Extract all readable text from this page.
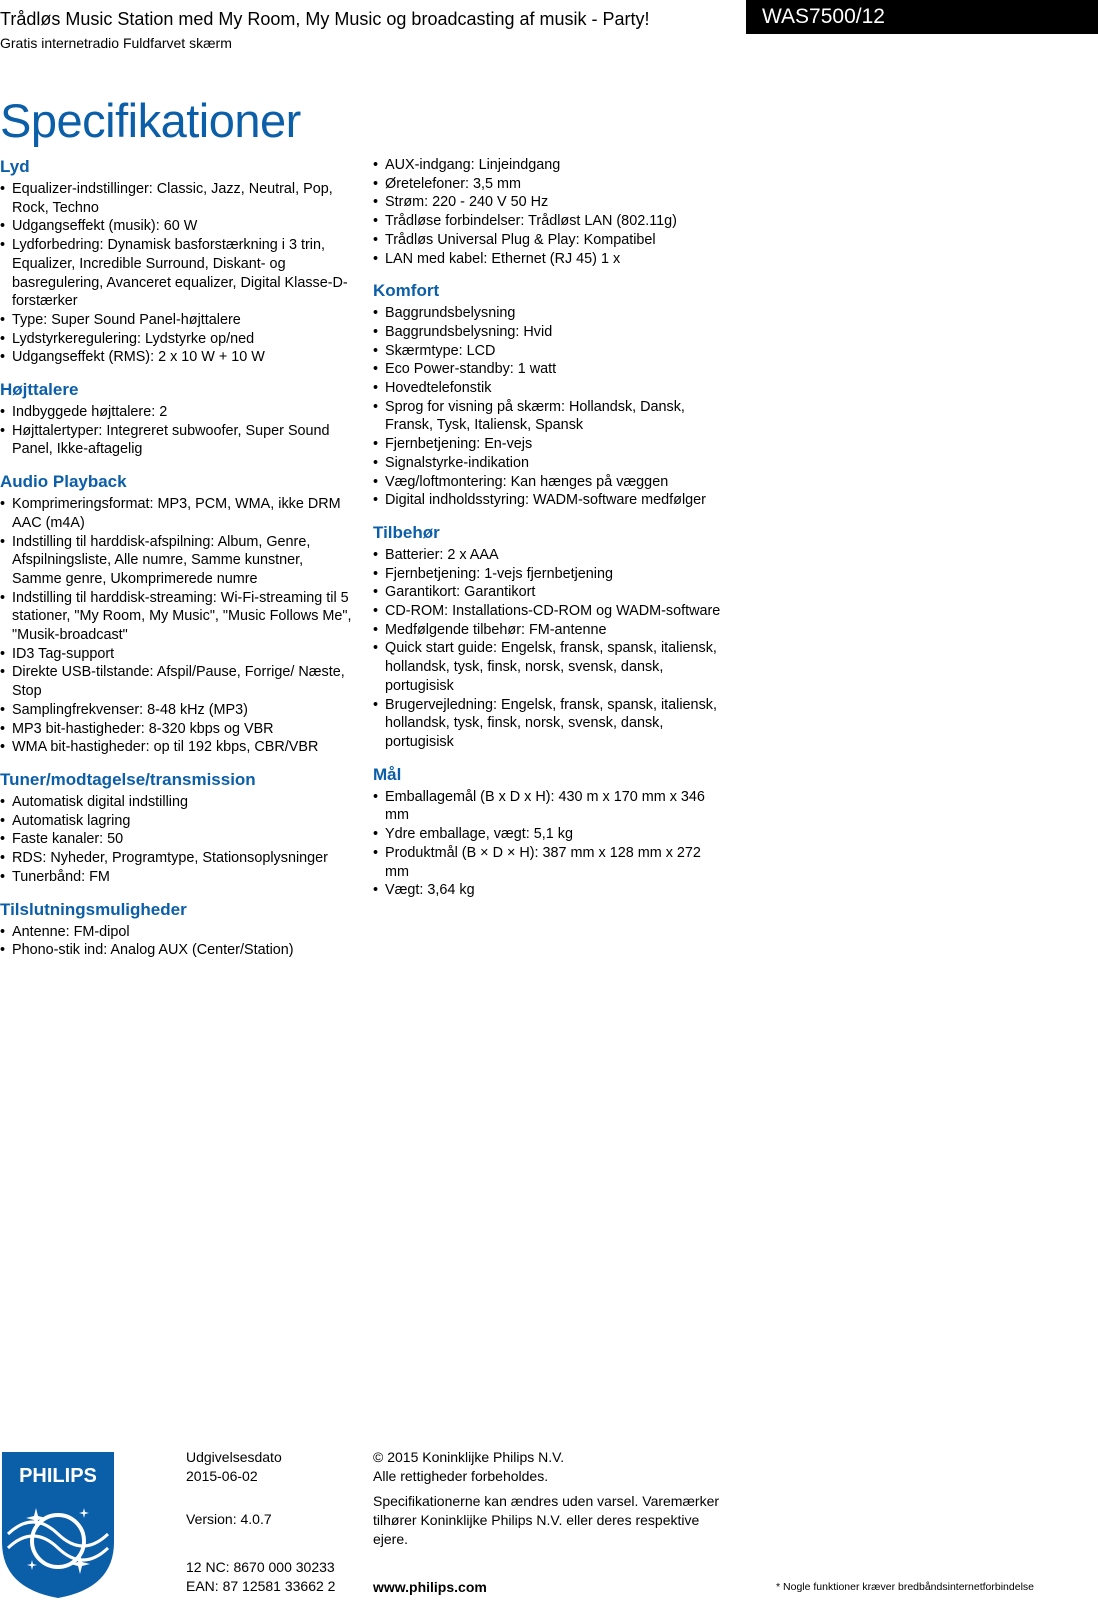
Trådløs Music Station med My Room, My Music og broadcasting af musik - Party!
Gratis internetradio Fuldfarvet skærm
WAS7500/12
Specifikationer
Lyd
• Equalizer-indstillinger: Classic, Jazz, Neutral, Pop, Rock, Techno
• Udgangseffekt (musik): 60 W
• Lydforbedring: Dynamisk basforstærkning i 3 trin, Equalizer, Incredible Surround, Diskant- og basregulering, Avanceret equalizer, Digital Klasse-D-forstærker
• Type: Super Sound Panel-højttalere
• Lydstyrkeregulering: Lydstyrke op/ned
• Udgangseffekt (RMS): 2 x 10 W + 10 W
Højttalere
• Indbyggede højttalere: 2
• Højttalertyper: Integreret subwoofer, Super Sound Panel, Ikke-aftagelig
Audio Playback
• Komprimeringsformat: MP3, PCM, WMA, ikke DRM AAC (m4A)
• Indstilling til harddisk-afspilning: Album, Genre, Afspilningsliste, Alle numre, Samme kunstner, Samme genre, Ukomprimerede numre
• Indstilling til harddisk-streaming: Wi-Fi-streaming til 5 stationer, "My Room, My Music", "Music Follows Me", "Musik-broadcast"
• ID3 Tag-support
• Direkte USB-tilstande: Afspil/Pause, Forrige/ Næste, Stop
• Samplingfrekvenser: 8-48 kHz (MP3)
• MP3 bit-hastigheder: 8-320 kbps og VBR
• WMA bit-hastigheder: op til 192 kbps, CBR/VBR
Tuner/modtagelse/transmission
• Automatisk digital indstilling
• Automatisk lagring
• Faste kanaler: 50
• RDS: Nyheder, Programtype, Stationsoplysninger
• Tunerbånd: FM
Tilslutningsmuligheder
• Antenne: FM-dipol
• Phono-stik ind: Analog AUX (Center/Station)
• AUX-indgang: Linjeindgang
• Øretelefoner: 3,5 mm
• Strøm: 220 - 240 V 50 Hz
• Trådløse forbindelser: Trådløst LAN (802.11g)
• Trådløs Universal Plug & Play: Kompatibel
• LAN med kabel: Ethernet (RJ 45) 1 x
Komfort
• Baggrundsbelysning
• Baggrundsbelysning: Hvid
• Skærmtype: LCD
• Eco Power-standby: 1 watt
• Hovedtelefonstik
• Sprog for visning på skærm: Hollandsk, Dansk, Fransk, Tysk, Italiensk, Spansk
• Fjernbetjening: En-vejs
• Signalstyrke-indikation
• Væg/loftmontering: Kan hænges på væggen
• Digital indholdsstyring: WADM-software medfølger
Tilbehør
• Batterier: 2 x AAA
• Fjernbetjening: 1-vejs fjernbetjening
• Garantikort: Garantikort
• CD-ROM: Installations-CD-ROM og WADM-software
• Medfølgende tilbehør: FM-antenne
• Quick start guide: Engelsk, fransk, spansk, italiensk, hollandsk, tysk, finsk, norsk, svensk, dansk, portugisisk
• Brugervejledning: Engelsk, fransk, spansk, italiensk, hollandsk, tysk, finsk, norsk, svensk, dansk, portugisisk
Mål
• Emballagemål (B x D x H): 430 m x 170 mm x 346 mm
• Ydre emballage, vægt: 5,1 kg
• Produktmål (B × D × H): 387 mm x 128 mm x 272 mm
• Vægt: 3,64 kg
PHILIPS
Udgivelsesdato
2015-06-02
Version: 4.0.7
12 NC: 8670 000 30233
EAN: 87 12581 33662 2
© 2015 Koninklijke Philips N.V.
Alle rettigheder forbeholdes.
Specifikationerne kan ændres uden varsel. Varemærker tilhører Koninklijke Philips N.V. eller deres respektive ejere.
www.philips.com	* Nogle funktioner kræver bredbåndsinternetforbindelse
